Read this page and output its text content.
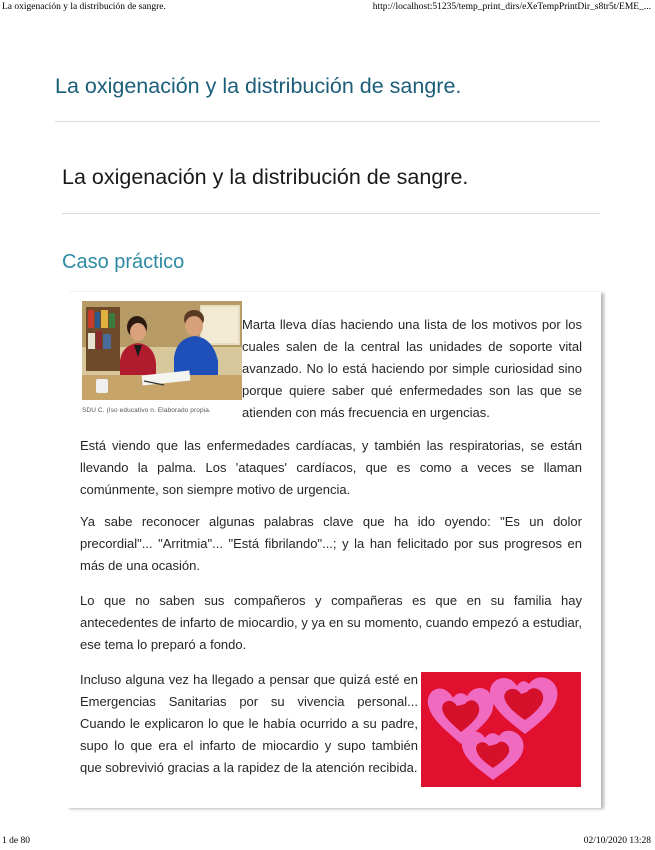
La oxigenación y la distribución de sangre.	http://localhost:51235/temp_print_dirs/eXeTempPrintDir_s8tr5t/EME_...
La oxigenación y la distribución de sangre.
La oxigenación y la distribución de sangre.
Caso práctico
SDU C. (Iso educativo n. Elaborado propia.

Marta lleva días haciendo una lista de los motivos por los cuales salen de la central las unidades de soporte vital avanzado. No lo está haciendo por simple curiosidad sino porque quiere saber qué enfermedades son las que se atienden con más frecuencia en urgencias.

Está viendo que las enfermedades cardíacas, y también las respiratorias, se están llevando la palma. Los 'ataques' cardíacos, que es como a veces se llaman comúnmente, son siempre motivo de urgencia.

Ya sabe reconocer algunas palabras clave que ha ido oyendo: "Es un dolor precordial"... "Arritmia"... "Está fibrilando"...; y la han felicitado por sus progresos en más de una ocasión.

Lo que no saben sus compañeros y compañeras es que en su familia hay antecedentes de infarto de miocardio, y ya en su momento, cuando empezó a estudiar, ese tema lo preparó a fondo.

Incluso alguna vez ha llegado a pensar que quizá esté en Emergencias Sanitarias por su vivencia personal... Cuando le explicaron lo que le había ocurrido a su padre, supo lo que era el infarto de miocardio y supo también que sobrevivió gracias a la rapidez de la atención recibida.

1 de 80	02/10/2020 13:28
